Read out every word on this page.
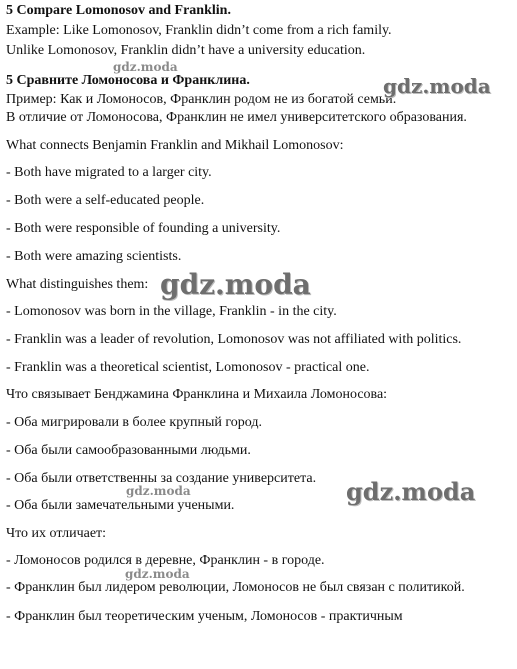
5 Compare Lomonosov and Franklin.
Example: Like Lomonosov, Franklin didn’t come from a rich family.
Unlike Lomonosov, Franklin didn’t have a university education.
5 Сравните Ломоносова и Франклина.
Пример: Как и Ломоносов, Франклин родом не из богатой семьи.
В отличие от Ломоносова, Франклин не имел университетского образования.
What connects Benjamin Franklin and Mikhail Lomonosov:
- Both have migrated to a larger city.
- Both were a self-educated people.
- Both were responsible of founding a university.
- Both were amazing scientists.
What distinguishes them:
- Lomonosov was born in the village, Franklin - in the city.
- Franklin was a leader of revolution, Lomonosov was not affiliated with politics.
- Franklin was a theoretical scientist, Lomonosov - practical one.
Что связывает Бенджамина Франклина и Михаила Ломоносова:
- Оба мигрировали в более крупный город.
- Оба были самообразованными людьми.
- Оба были ответственны за создание университета.
- Оба были замечательными учеными.
Что их отличает:
- Ломоносов родился в деревне, Франклин - в городе.
- Франклин был лидером революции, Ломоносов не был связан с политикой.
- Франклин был теоретическим ученым, Ломоносов - практичным
gdz.moda
gdz.moda
gdz.moda
gdz.moda	gdz.moda
gdz.moda
